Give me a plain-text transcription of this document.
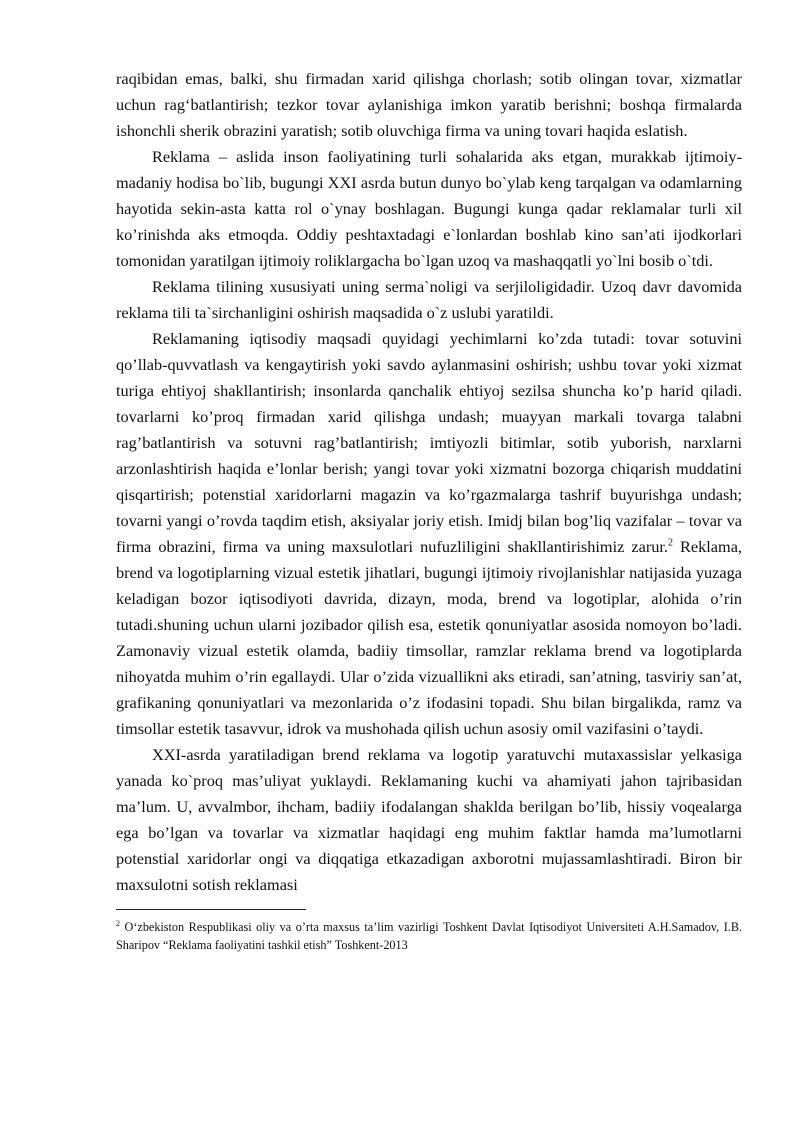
raqibidan emas, balki, shu firmadan xarid qilishga chorlash; sotib olingan tovar, xizmatlar uchun rag‘batlantirish; tezkor tovar aylanishiga imkon yaratib berishni; boshqa firmalarda ishonchli sherik obrazini yaratish; sotib oluvchiga firma va uning tovari haqida eslatish.

Reklama – aslida inson faoliyatining turli sohalarida aks etgan, murakkab ijtimoiy-madaniy hodisa bo`lib, bugungi XXI asrda butun dunyo bo`ylab keng tarqalgan va odamlarning hayotida sekin-asta katta rol o`ynay boshlagan. Bugungi kunga qadar reklamalar turli xil ko’rinishda aks etmoqda. Oddiy peshtaxtadagi e`lonlardan boshlab kino san’ati ijodkorlari tomonidan yaratilgan ijtimoiy roliklargacha bo`lgan uzoq va mashaqqatli yo`lni bosib o`tdi.

Reklama tilining xususiyati uning serma`noligi va serjiloligidadir. Uzoq davr davomida reklama tili ta`sirchanligini oshirish maqsadida o`z uslubi yaratildi.

Reklamaning iqtisodiy maqsadi quyidagi yechimlarni ko’zda tutadi: tovar sotuvini qo’llab-quvvatlash va kengaytirish yoki savdo aylanmasini oshirish; ushbu tovar yoki xizmat turiga ehtiyoj shakllantirish; insonlarda qanchalik ehtiyoj sezilsa shuncha ko’p harid qiladi. tovarlarni ko’proq firmadan xarid qilishga undash; muayyan markali tovarga talabni rag’batlantirish va sotuvni rag’batlantirish; imtiyozli bitimlar, sotib yuborish, narxlarni arzonlashtirish haqida e’lonlar berish; yangi tovar yoki xizmatni bozorga chiqarish muddatini qisqartirish; potenstial xaridorlarni magazin va ko’rgazmalarga tashrif buyurishga undash; tovarni yangi o’rovda taqdim etish, aksiyalar joriy etish. Imidj bilan bog’liq vazifalar – tovar va firma obrazini, firma va uning maxsulotlari nufuzliligini shakllantirishimiz zarur.$^2$ Reklama, brend va logotiplarning vizual estetik jihatlari, bugungi ijtimoiy rivojlanishlar natijasida yuzaga keladigan bozor iqtisodiyoti davrida, dizayn, moda, brend va logotiplar, alohida o’rin tutadi.shuning uchun ularni jozibador qilish esa, estetik qonuniyatlar asosida nomoyon bo’ladi. Zamonaviy vizual estetik olamda, badiiy timsollar, ramzlar reklama brend va logotiplarda nihoyatda muhim o’rin egallaydi. Ular o’zida vizuallikni aks etiradi, san’atning, tasviriy san’at, grafikaning qonuniyatlari va mezonlarida o’z ifodasini topadi. Shu bilan birgalikda, ramz va timsollar estetik tasavvur, idrok va mushohada qilish uchun asosiy omil vazifasini o’taydi.

XXI-asrda yaratiladigan brend reklama va logotip yaratuvchi mutaxassislar yelkasiga yanada ko`proq mas’uliyat yuklaydi. Reklamaning kuchi va ahamiyati jahon tajribasidan ma’lum. U, avvalmbor, ihcham, badiiy ifodalangan shaklda berilgan bo’lib, hissiy voqealarga ega bo’lgan va tovarlar va xizmatlar haqidagi eng muhim faktlar hamda ma’lumotlarni potenstial xaridorlar ongi va diqqatiga etkazadigan axborotni mujassamlashtiradi. Biron bir maxsulotni sotish reklamasi

$^2$ O‘zbekiston Respublikasi oliy va o’rta maxsus ta’lim vazirligi Toshkent Davlat Iqtisodiyot Universiteti A.H.Samadov, I.B. Sharipov “Reklama faoliyatini tashkil etish” Toshkent-2013
